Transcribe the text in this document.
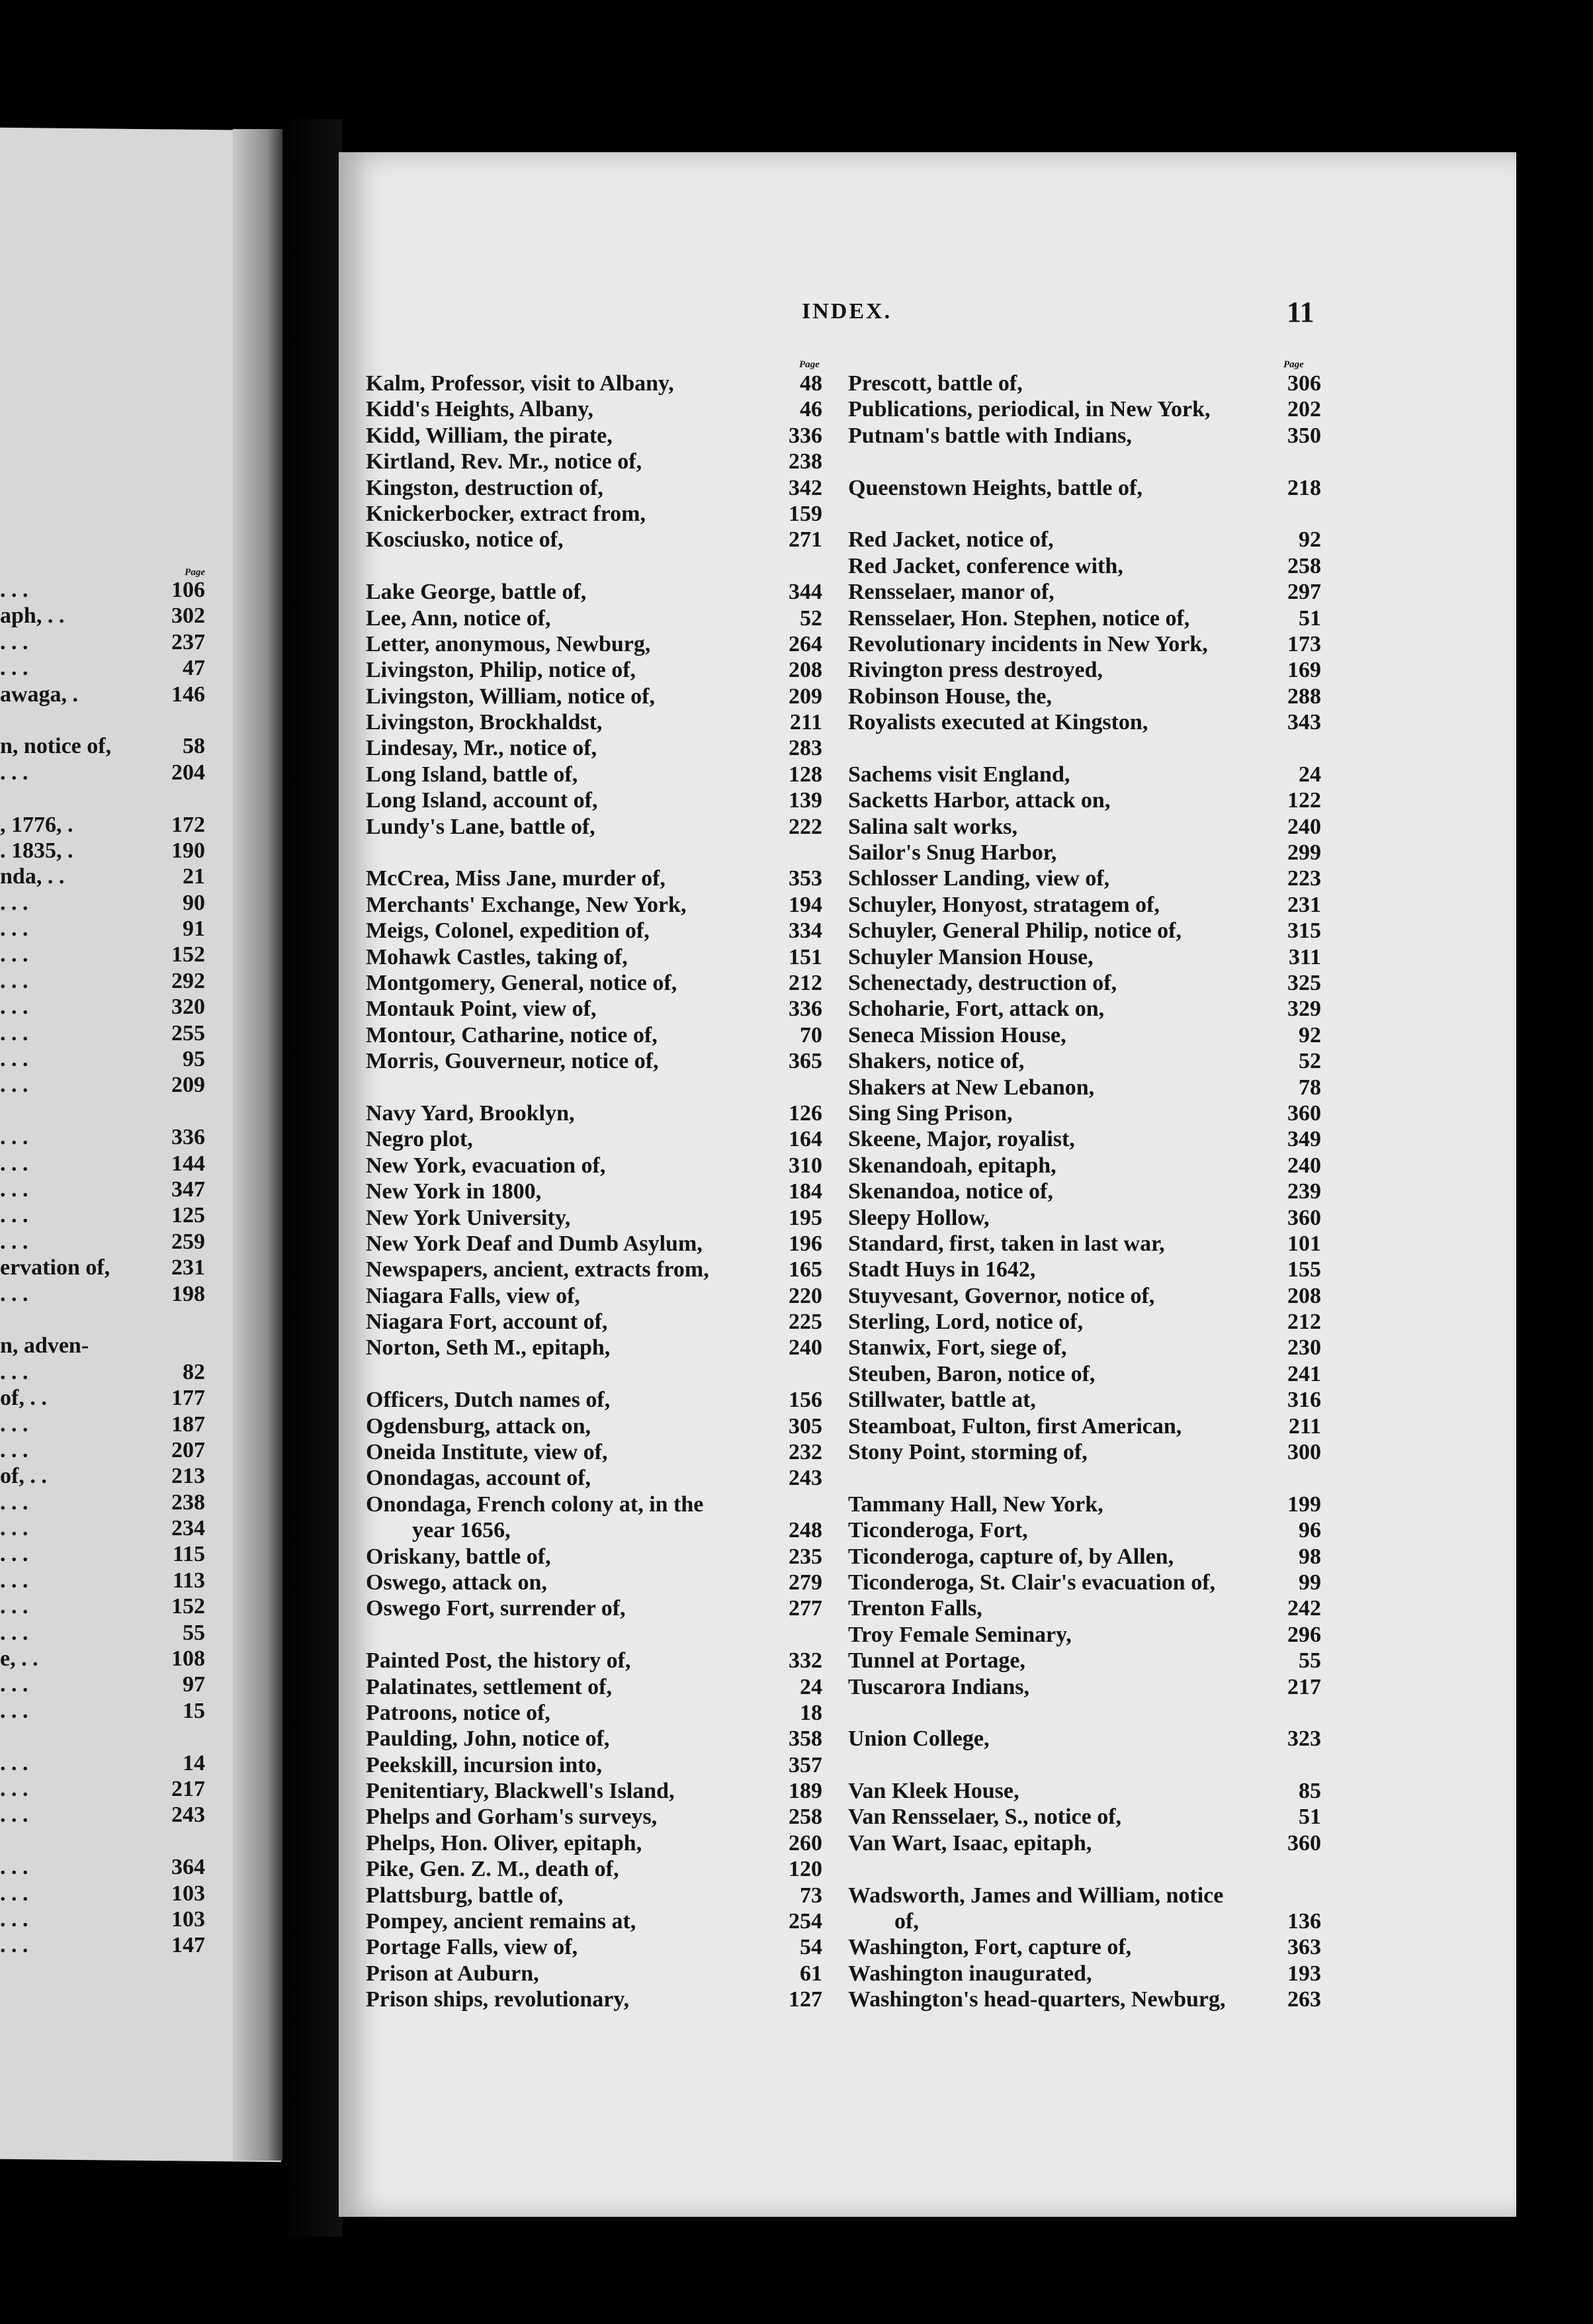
Page
. . .	106
aph, . .	302
. . .	237
. . .	47
awaga, .	146
n, notice of,	58
. . .	204
, 1776, .	172
. 1835, .	190
nda, . .	21
. . .	90
. . .	91
. . .	152
. . .	292
. . .	320
. . .	255
. . .	95
. . .	209
. . .	336
. . .	144
. . .	347
. . .	125
. . .	259
ervation of,	231
. . .	198
n, adven-
. . .	82
of, . .	177
. . .	187
. . .	207
of, . .	213
. . .	238
. . .	234
. . .	115
. . .	113
. . .	152
. . .	55
e, . .	108
. . .	97
. . .	15
. . .	14
. . .	217
. . .	243
. . .	364
. . .	103
. . .	103
. . .	147
INDEX.	11
Page	Page
Kalm, Professor, visit to Albany,	48
Kidd's Heights, Albany,	46
Kidd, William, the pirate,	336
Kirtland, Rev. Mr., notice of,	238
Kingston, destruction of,	342
Knickerbocker, extract from,	159
Kosciusko, notice of,	271
Lake George, battle of,	344
Lee, Ann, notice of,	52
Letter, anonymous, Newburg,	264
Livingston, Philip, notice of,	208
Livingston, William, notice of,	209
Livingston, Brockhaldst,	211
Lindesay, Mr., notice of,	283
Long Island, battle of,	128
Long Island, account of,	139
Lundy's Lane, battle of,	222
McCrea, Miss Jane, murder of,	353
Merchants' Exchange, New York,	194
Meigs, Colonel, expedition of,	334
Mohawk Castles, taking of,	151
Montgomery, General, notice of,	212
Montauk Point, view of,	336
Montour, Catharine, notice of,	70
Morris, Gouverneur, notice of,	365
Navy Yard, Brooklyn,	126
Negro plot,	164
New York, evacuation of,	310
New York in 1800,	184
New York University,	195
New York Deaf and Dumb Asylum,	196
Newspapers, ancient, extracts from,	165
Niagara Falls, view of,	220
Niagara Fort, account of,	225
Norton, Seth M., epitaph,	240
Officers, Dutch names of,	156
Ogdensburg, attack on,	305
Oneida Institute, view of,	232
Onondagas, account of,	243
Onondaga, French colony at, in the
year 1656,	248
Oriskany, battle of,	235
Oswego, attack on,	279
Oswego Fort, surrender of,	277
Painted Post, the history of,	332
Palatinates, settlement of,	24
Patroons, notice of,	18
Paulding, John, notice of,	358
Peekskill, incursion into,	357
Penitentiary, Blackwell's Island,	189
Phelps and Gorham's surveys,	258
Phelps, Hon. Oliver, epitaph,	260
Pike, Gen. Z. M., death of,	120
Plattsburg, battle of,	73
Pompey, ancient remains at,	254
Portage Falls, view of,	54
Prison at Auburn,	61
Prison ships, revolutionary,	127
Prescott, battle of,	306
Publications, periodical, in New York,	202
Putnam's battle with Indians,	350
Queenstown Heights, battle of,	218
Red Jacket, notice of,	92
Red Jacket, conference with,	258
Rensselaer, manor of,	297
Rensselaer, Hon. Stephen, notice of,	51
Revolutionary incidents in New York,	173
Rivington press destroyed,	169
Robinson House, the,	288
Royalists executed at Kingston,	343
Sachems visit England,	24
Sacketts Harbor, attack on,	122
Salina salt works,	240
Sailor's Snug Harbor,	299
Schlosser Landing, view of,	223
Schuyler, Honyost, stratagem of,	231
Schuyler, General Philip, notice of,	315
Schuyler Mansion House,	311
Schenectady, destruction of,	325
Schoharie, Fort, attack on,	329
Seneca Mission House,	92
Shakers, notice of,	52
Shakers at New Lebanon,	78
Sing Sing Prison,	360
Skeene, Major, royalist,	349
Skenandoah, epitaph,	240
Skenandoa, notice of,	239
Sleepy Hollow,	360
Standard, first, taken in last war,	101
Stadt Huys in 1642,	155
Stuyvesant, Governor, notice of,	208
Sterling, Lord, notice of,	212
Stanwix, Fort, siege of,	230
Steuben, Baron, notice of,	241
Stillwater, battle at,	316
Steamboat, Fulton, first American,	211
Stony Point, storming of,	300
Tammany Hall, New York,	199
Ticonderoga, Fort,	96
Ticonderoga, capture of, by Allen,	98
Ticonderoga, St. Clair's evacuation of,	99
Trenton Falls,	242
Troy Female Seminary,	296
Tunnel at Portage,	55
Tuscarora Indians,	217
Union College,	323
Van Kleek House,	85
Van Rensselaer, S., notice of,	51
Van Wart, Isaac, epitaph,	360
Wadsworth, James and William, notice
of,	136
Washington, Fort, capture of,	363
Washington inaugurated,	193
Washington's head-quarters, Newburg,	263
